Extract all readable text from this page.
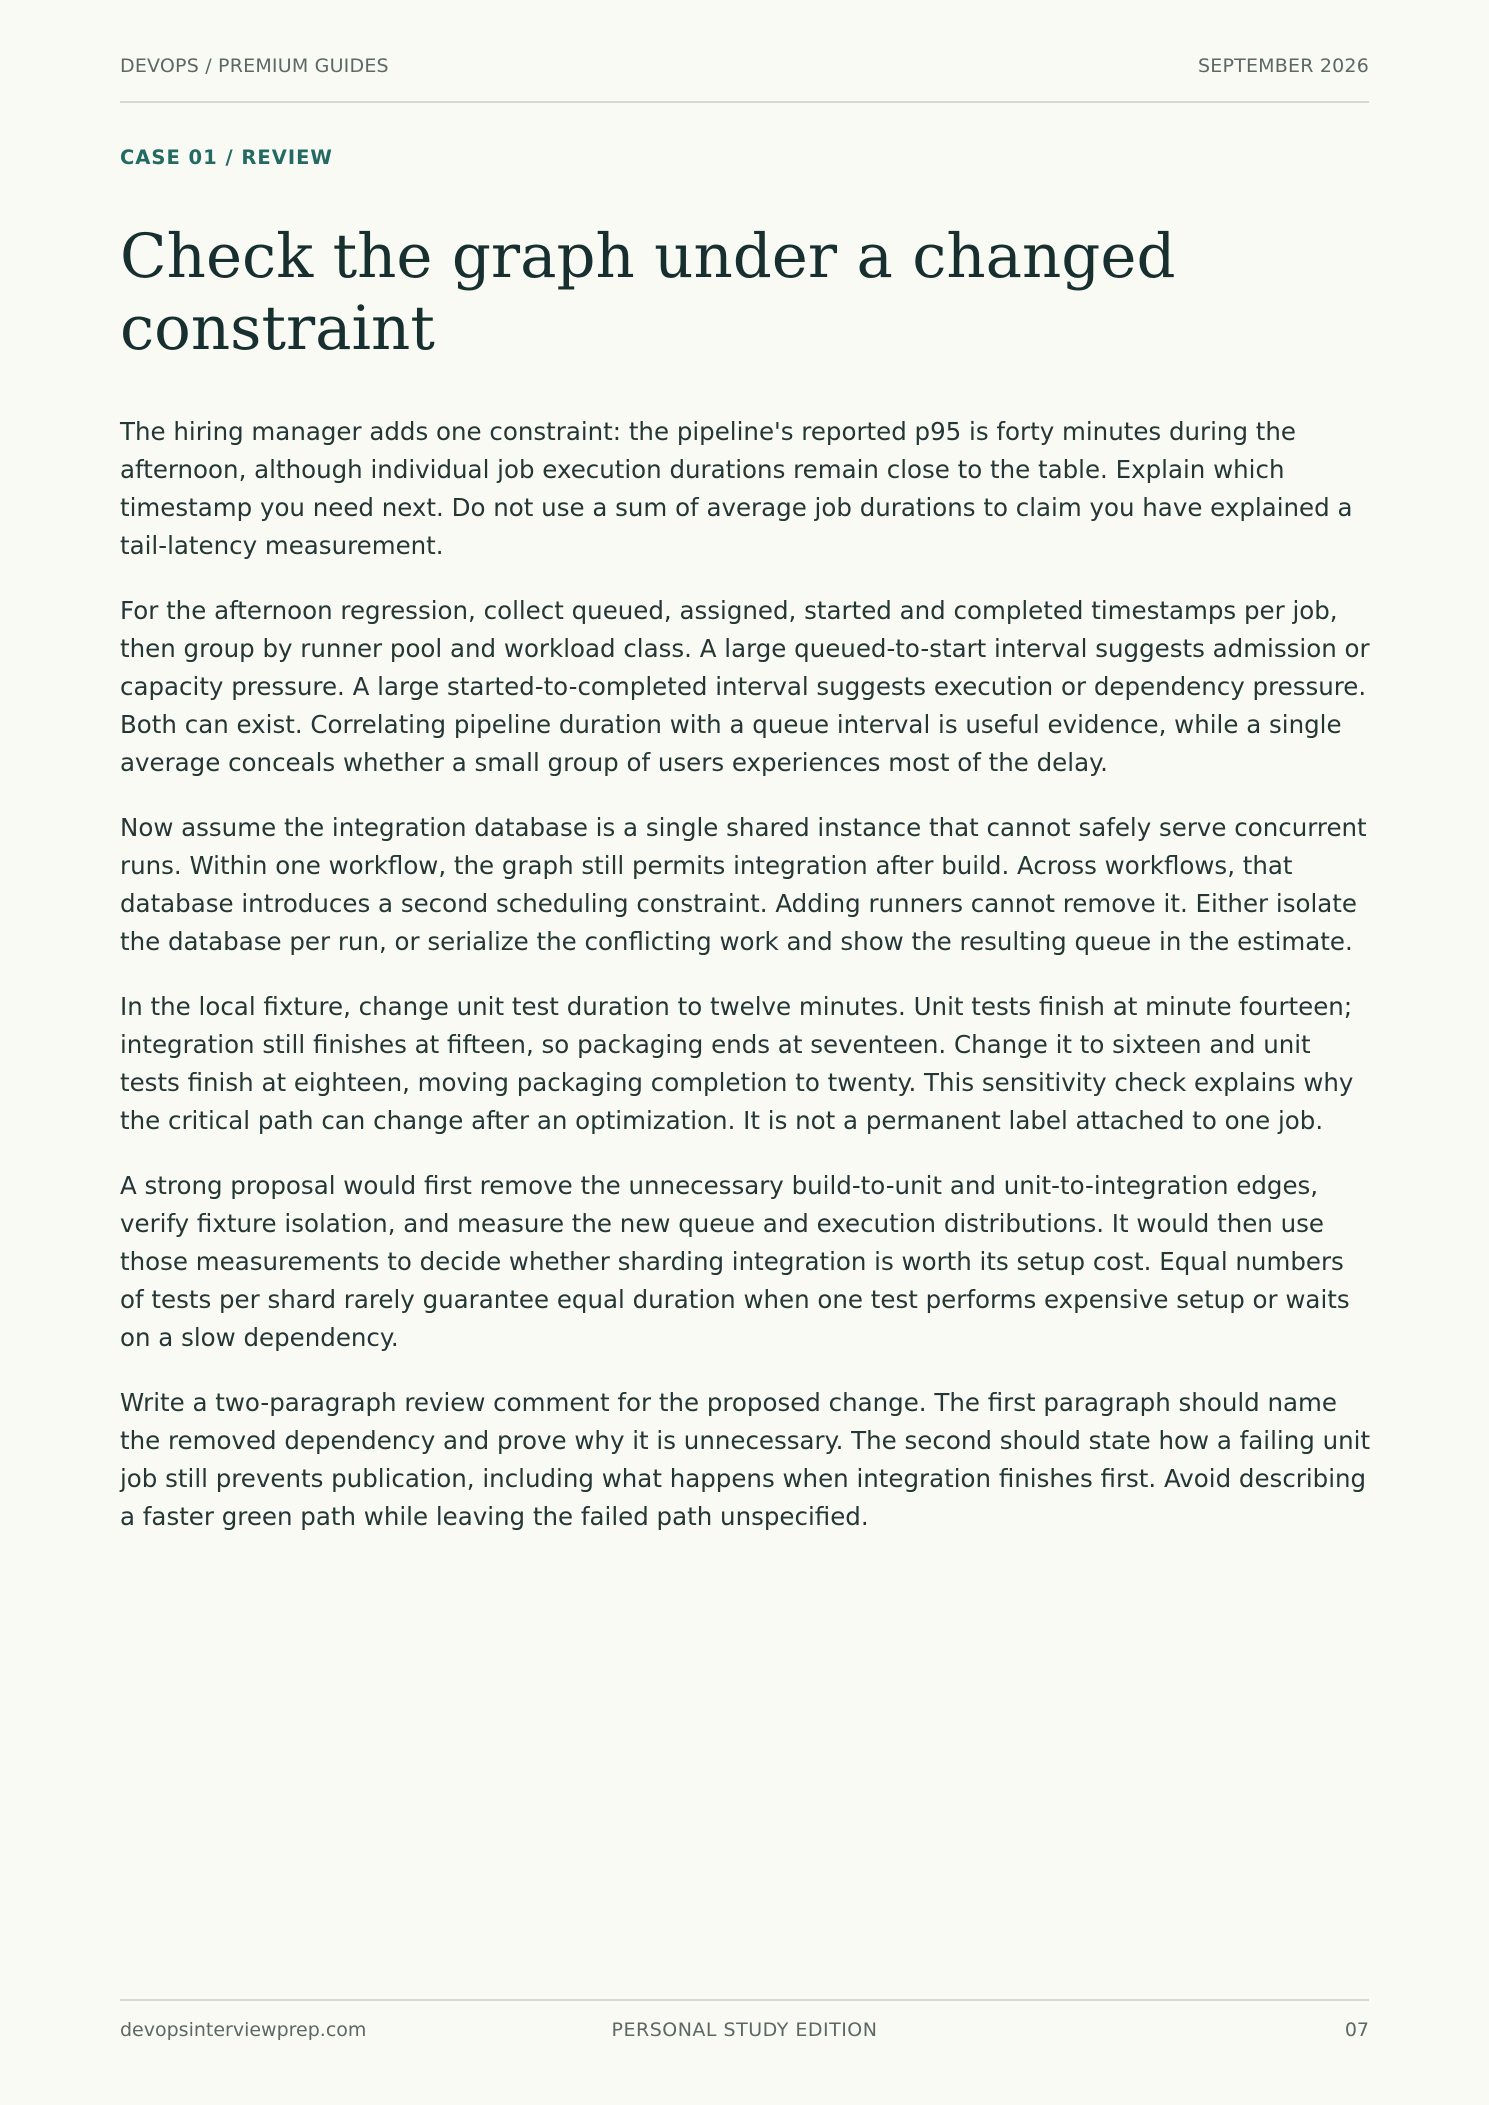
DEVOPS / PREMIUM GUIDES	SEPTEMBER 2026
CASE 01 / REVIEW
Check the graph under a changed constraint

The hiring manager adds one constraint: the pipeline's reported p95 is forty minutes during the afternoon, although individual job execution durations remain close to the table. Explain which timestamp you need next. Do not use a sum of average job durations to claim you have explained a tail-latency measurement.

For the afternoon regression, collect queued, assigned, started and completed timestamps per job, then group by runner pool and workload class. A large queued-to-start interval suggests admission or capacity pressure. A large started-to-completed interval suggests execution or dependency pressure. Both can exist. Correlating pipeline duration with a queue interval is useful evidence, while a single average conceals whether a small group of users experiences most of the delay.

Now assume the integration database is a single shared instance that cannot safely serve concurrent runs. Within one workflow, the graph still permits integration after build. Across workflows, that database introduces a second scheduling constraint. Adding runners cannot remove it. Either isolate the database per run, or serialize the conflicting work and show the resulting queue in the estimate.

In the local fixture, change unit test duration to twelve minutes. Unit tests finish at minute fourteen; integration still finishes at fifteen, so packaging ends at seventeen. Change it to sixteen and unit tests finish at eighteen, moving packaging completion to twenty. This sensitivity check explains why the critical path can change after an optimization. It is not a permanent label attached to one job.

A strong proposal would first remove the unnecessary build-to-unit and unit-to-integration edges, verify fixture isolation, and measure the new queue and execution distributions. It would then use those measurements to decide whether sharding integration is worth its setup cost. Equal numbers of tests per shard rarely guarantee equal duration when one test performs expensive setup or waits on a slow dependency.

Write a two-paragraph review comment for the proposed change. The first paragraph should name the removed dependency and prove why it is unnecessary. The second should state how a failing unit job still prevents publication, including what happens when integration finishes first. Avoid describing a faster green path while leaving the failed path unspecified.

devopsinterviewprep.com	PERSONAL STUDY EDITION	07
